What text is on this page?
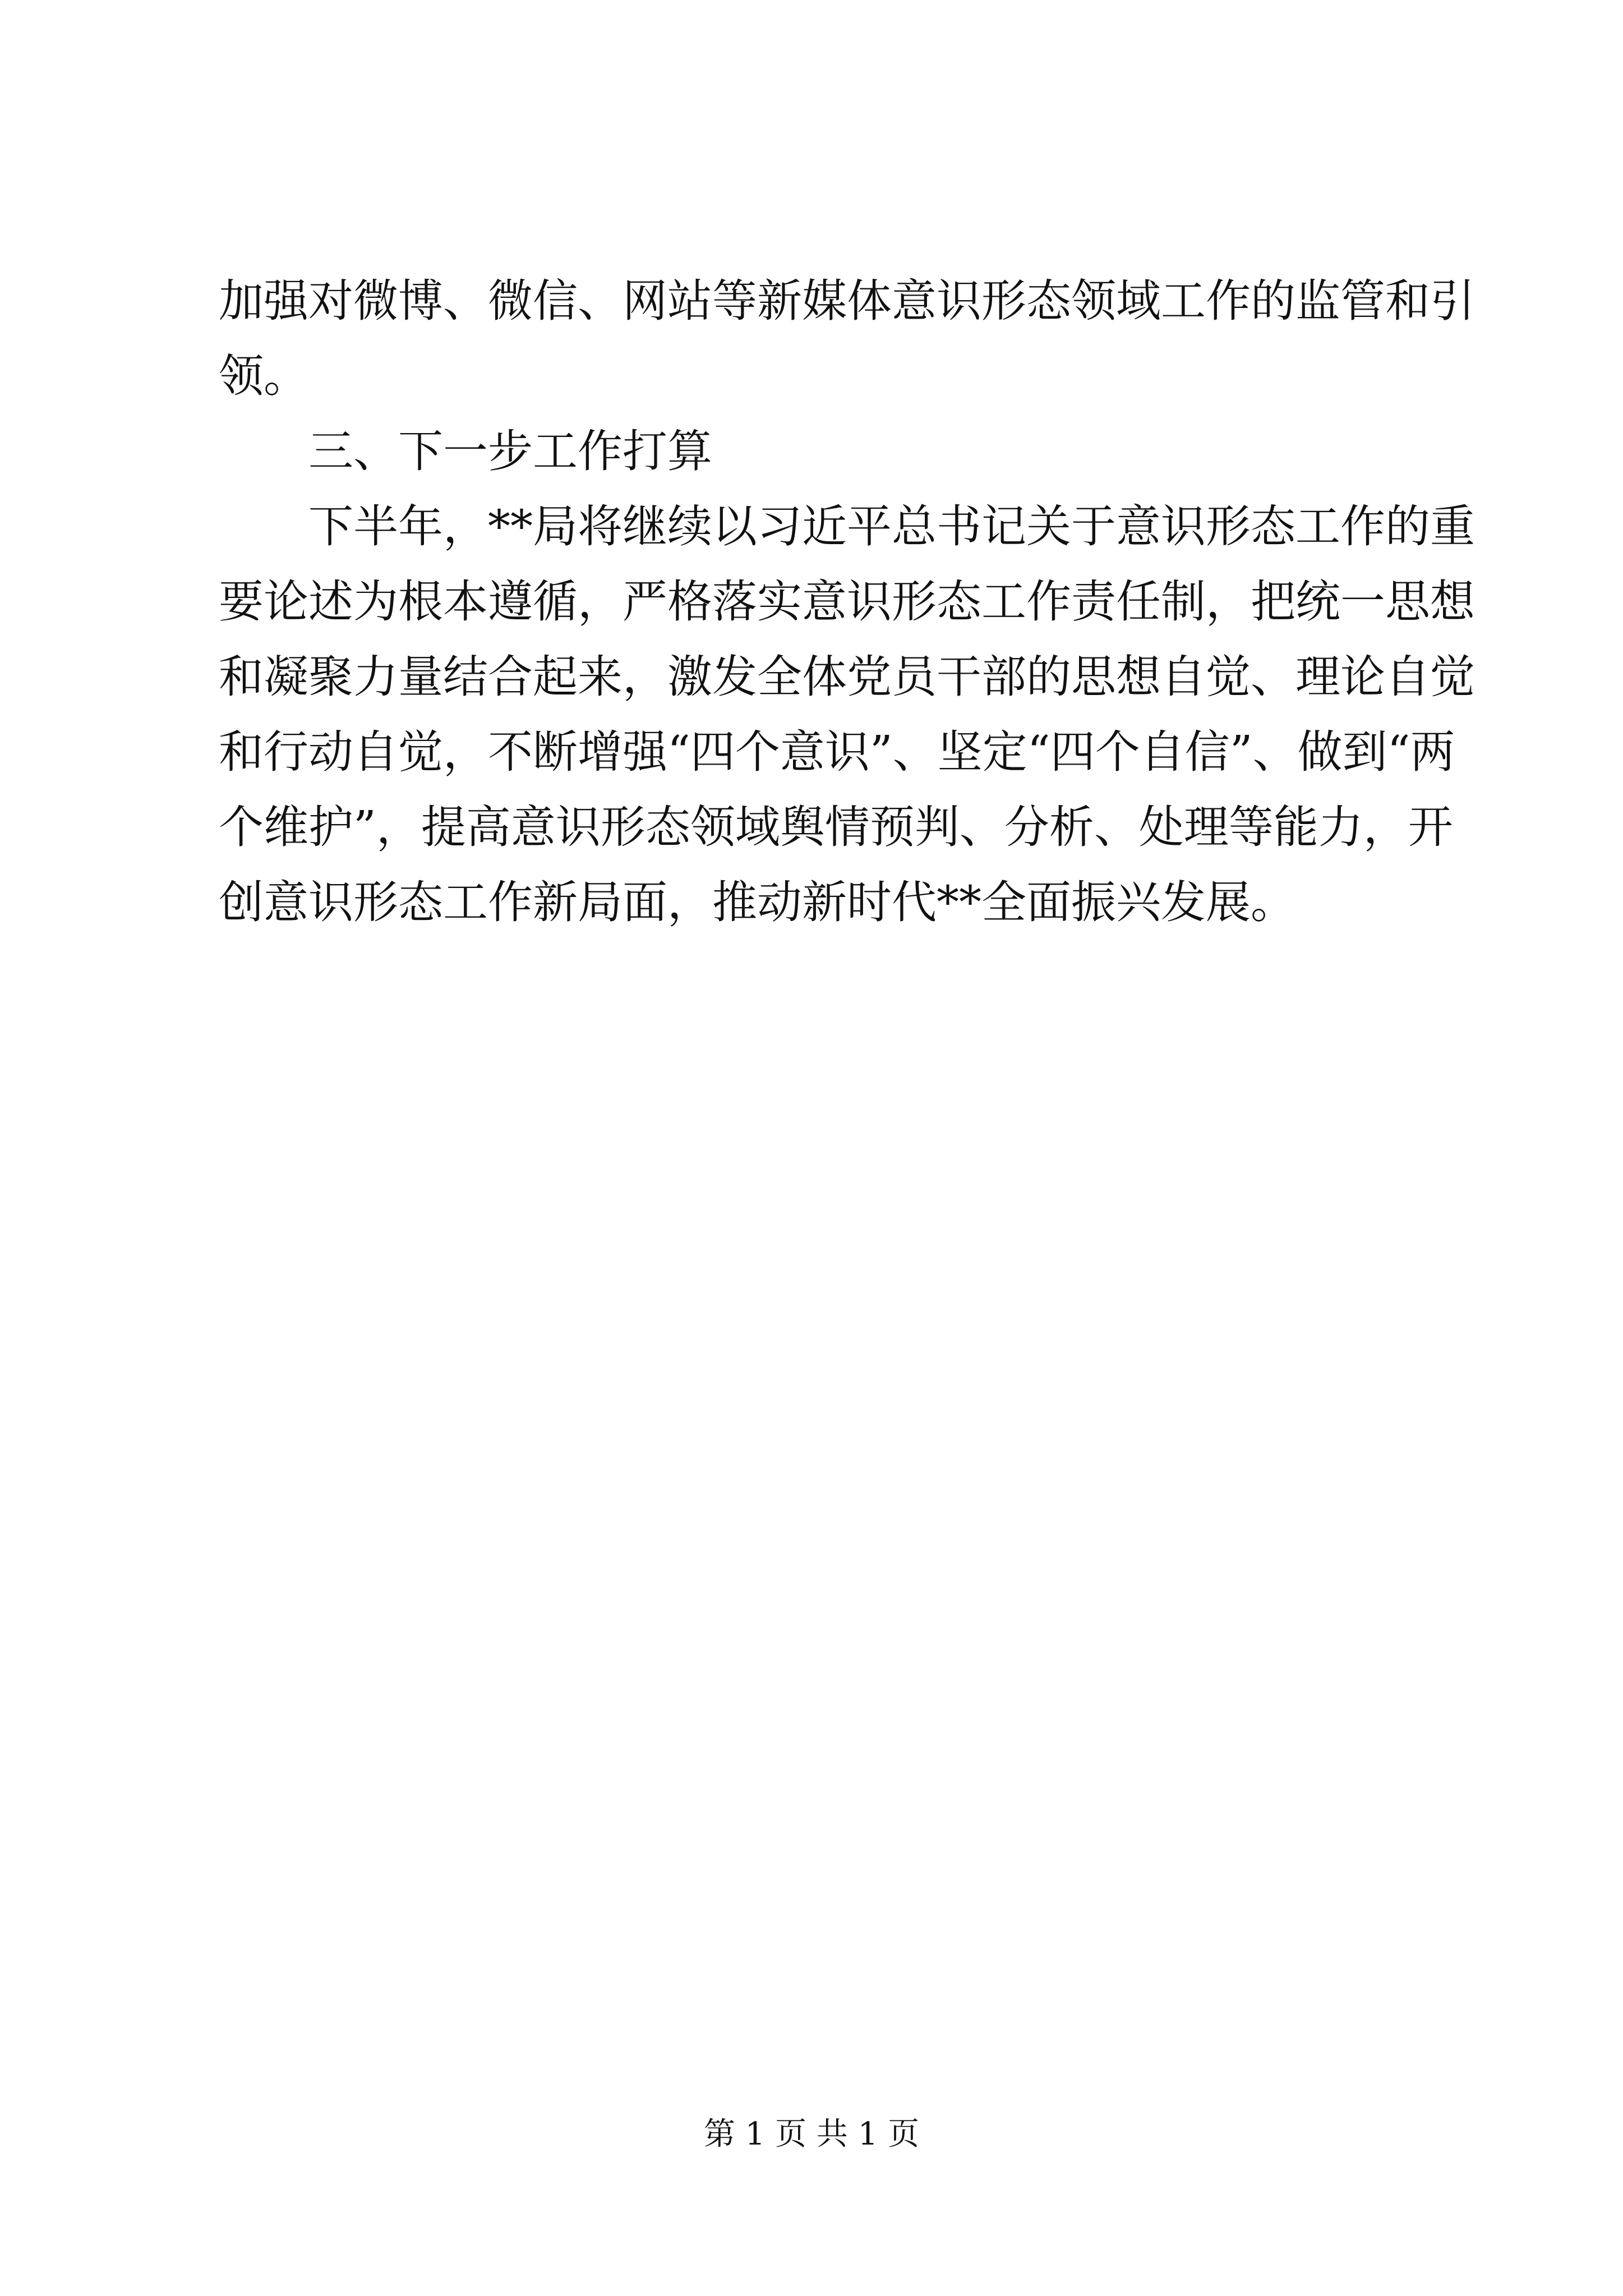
加强对微博、微信、网站等新媒体意识形态领域工作的监管和引
领。
三、下一步工作打算
下半年，**局将继续以习近平总书记关于意识形态工作的重
要论述为根本遵循，严格落实意识形态工作责任制，把统一思想
和凝聚力量结合起来，激发全体党员干部的思想自觉、理论自觉
和行动自觉，不断增强“四个意识”、坚定“四个自信”、做到“两
个维护”，提高意识形态领域舆情预判、分析、处理等能力，开
创意识形态工作新局面，推动新时代**全面振兴发展。
第 1 页 共 1 页
